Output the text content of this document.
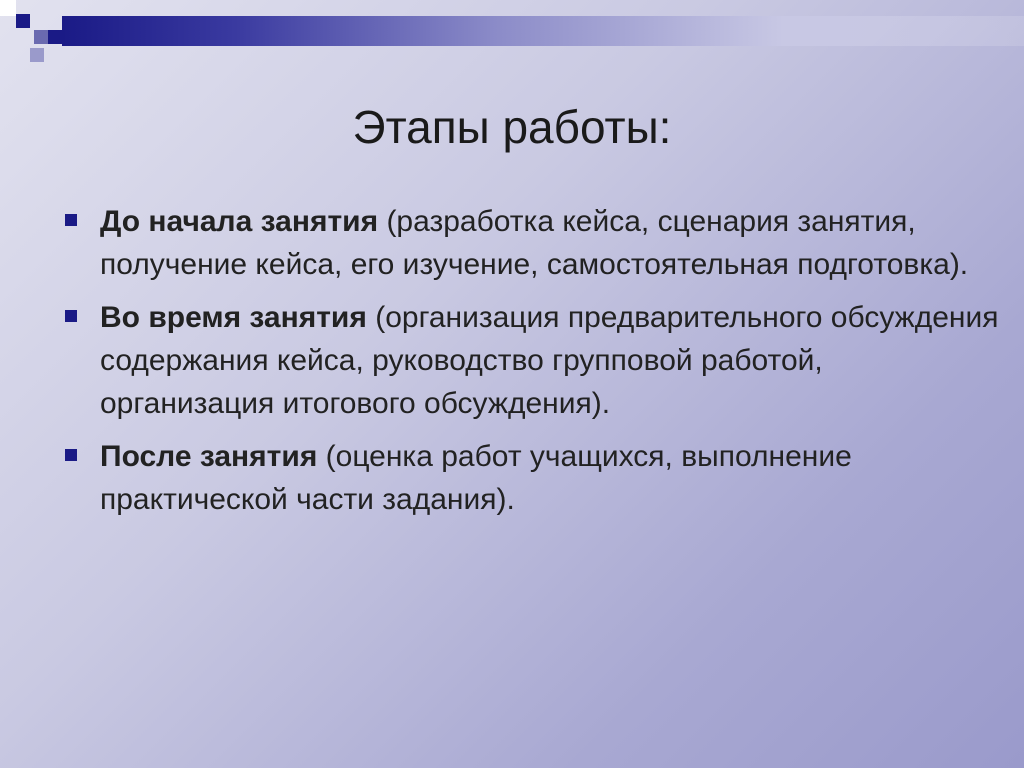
Этапы работы:
До начала занятия (разработка кейса, сценария занятия, получение кейса, его изучение, самостоятельная подготовка).
Во время занятия (организация предварительного обсуждения содержания кейса, руководство групповой работой, организация итогового обсуждения).
После занятия (оценка работ учащихся, выполнение практической части задания).
